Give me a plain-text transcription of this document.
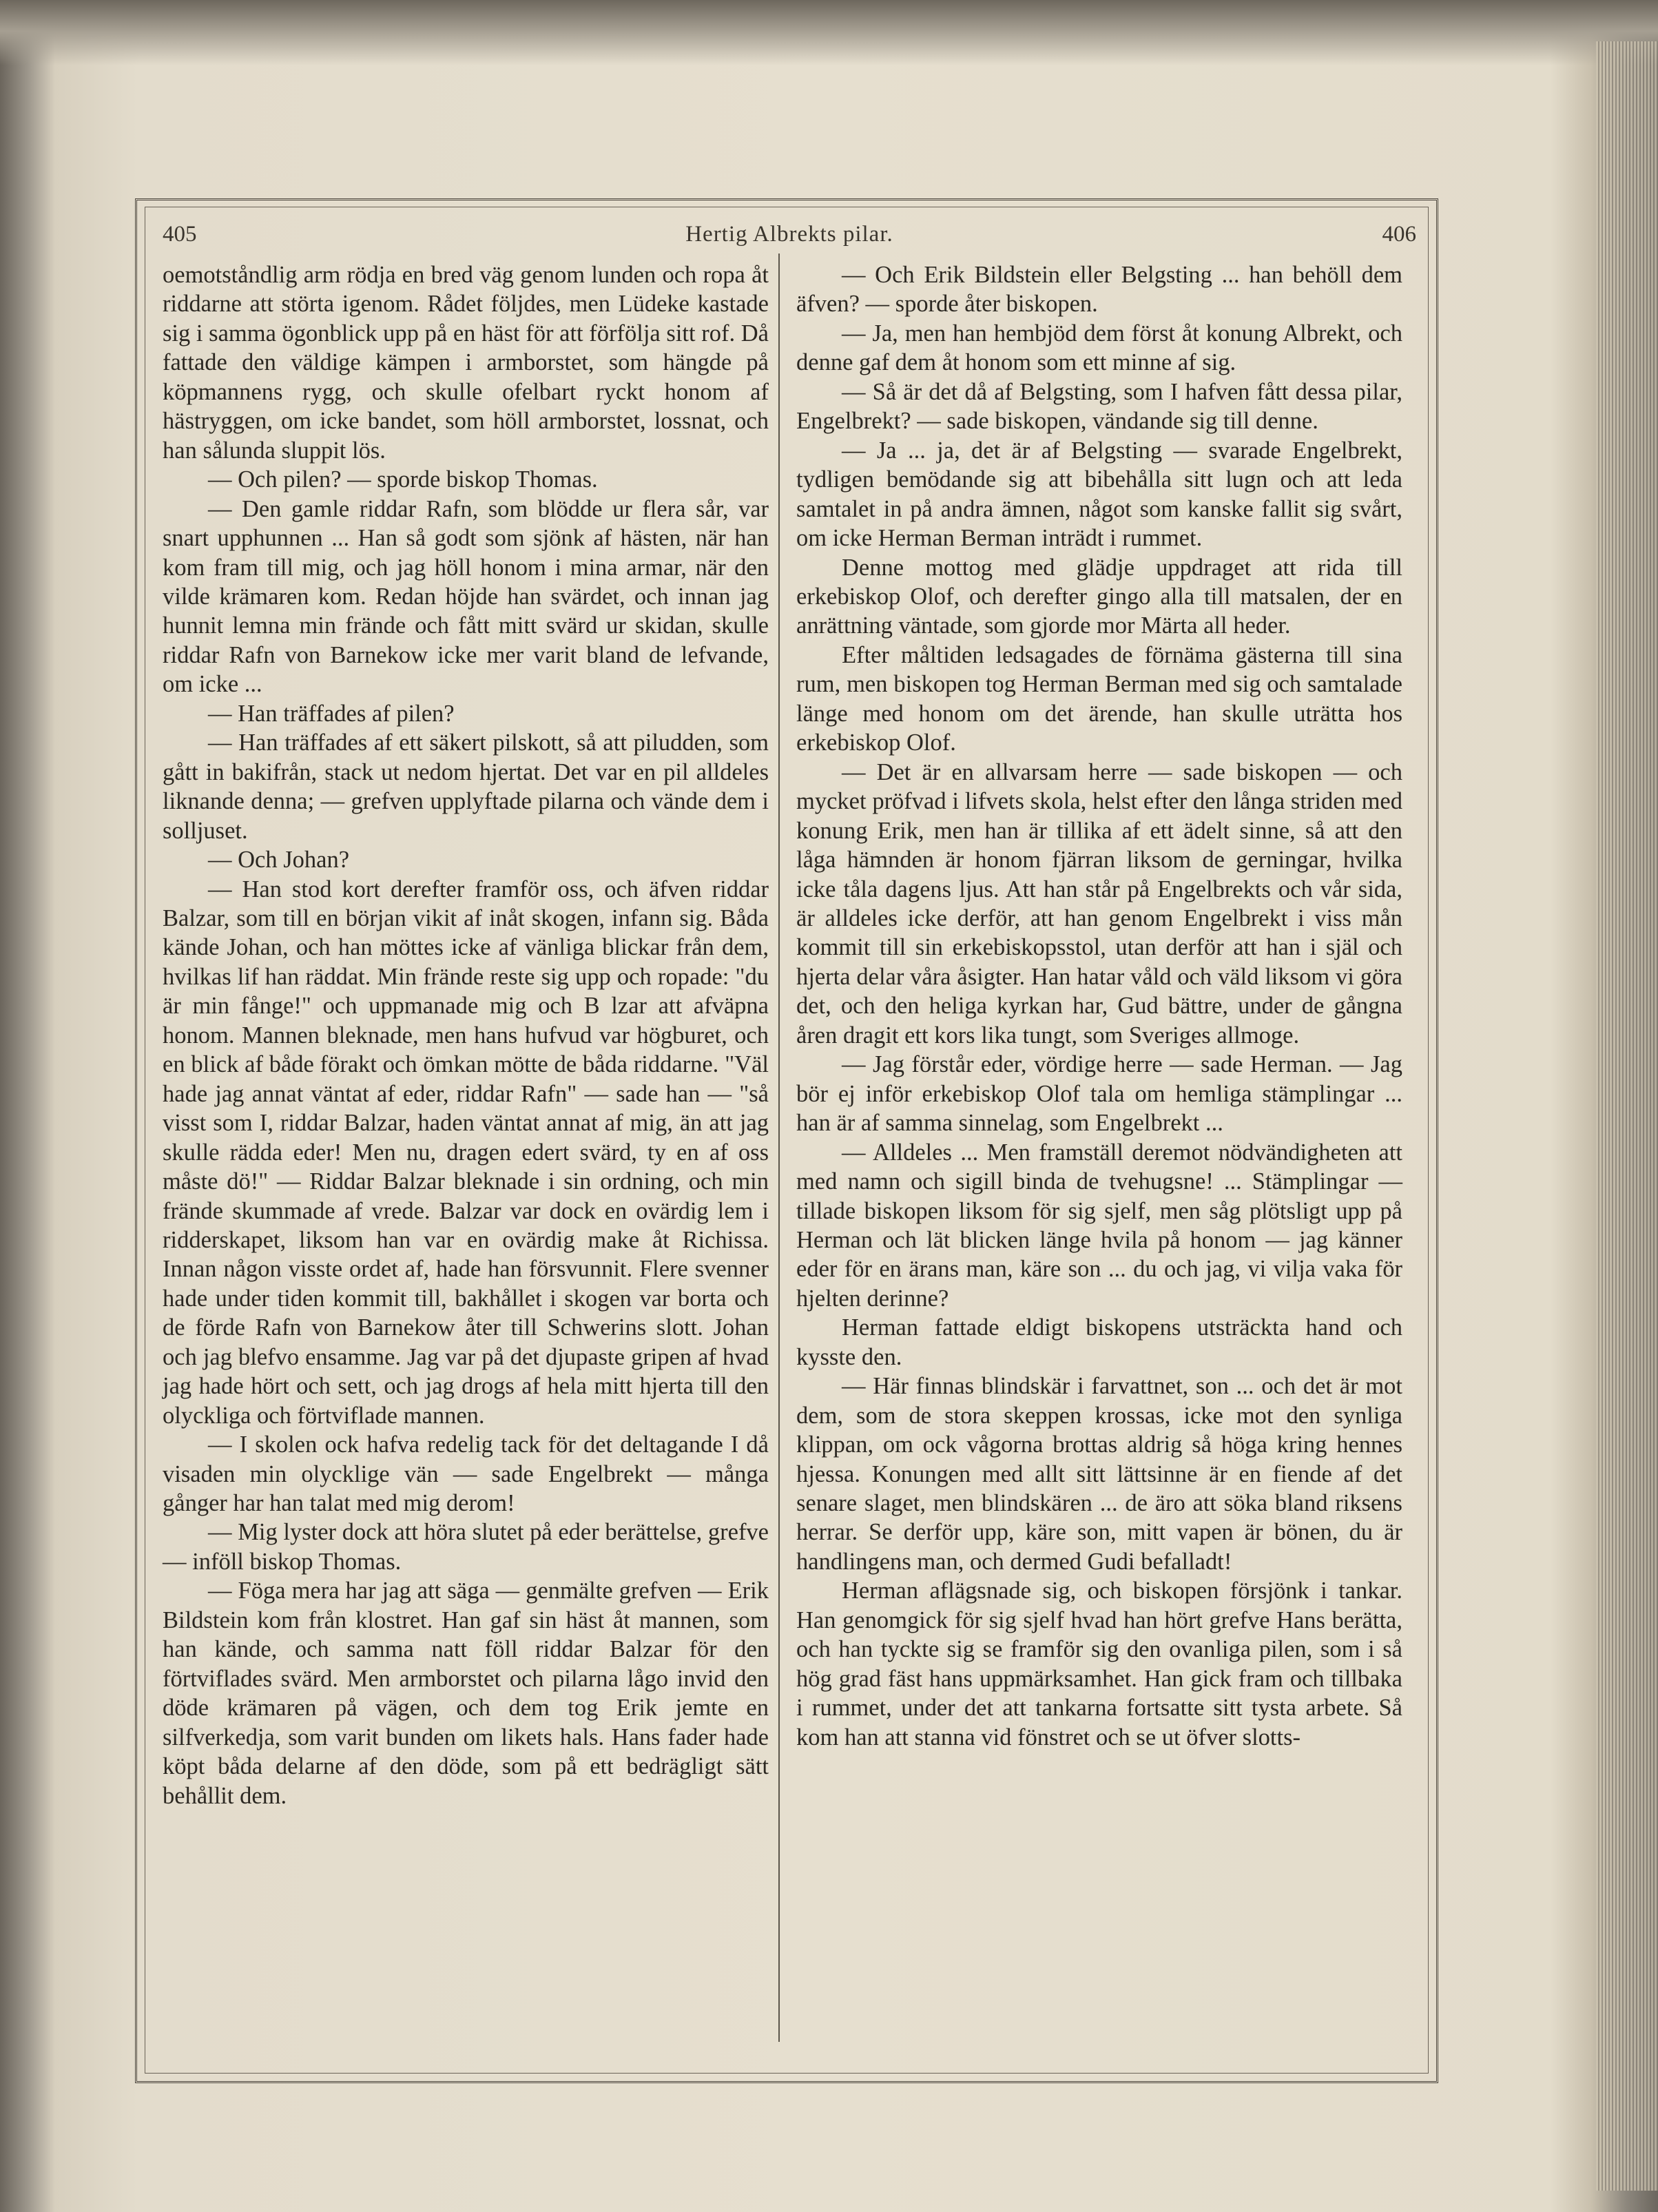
Hertig Albrekts pilar.
405	406

oemotståndlig arm rödja en bred väg genom lunden och ropa åt riddarne att störta igenom. Rådet följdes, men Lüdeke kastade sig i samma ögonblick upp på en häst för att förfölja sitt rof. Då fattade den väldige kämpen i armborstet, som hängde på köpmannens rygg, och skulle ofelbart ryckt honom af hästryggen, om icke bandet, som höll armborstet, lossnat, och han sålunda sluppit lös.

— Och pilen? — sporde biskop Thomas.

— Den gamle riddar Rafn, som blödde ur flera sår, var snart upphunnen ... Han så godt som sjönk af hästen, när han kom fram till mig, och jag höll honom i mina armar, när den vilde krämaren kom. Redan höjde han svärdet, och innan jag hunnit lemna min frände och fått mitt svärd ur skidan, skulle riddar Rafn von Barnekow icke mer varit bland de lefvande, om icke ...

— Han träffades af pilen?

— Han träffades af ett säkert pilskott, så att piludden, som gått in bakifrån, stack ut nedom hjertat. Det var en pil alldeles liknande denna; — grefven upplyftade pilarna och vände dem i solljuset.

— Och Johan?

— Han stod kort derefter framför oss, och äfven riddar Balzar, som till en början vikit af inåt skogen, infann sig. Båda kände Johan, och han möttes icke af vänliga blickar från dem, hvilkas lif han räddat. Min frände reste sig upp och ropade: "du är min fånge!" och uppmanade mig och B lzar att afväpna honom. Mannen bleknade, men hans hufvud var högburet, och en blick af både förakt och ömkan mötte de båda riddarne. "Väl hade jag annat väntat af eder, riddar Rafn" — sade han — "så visst som I, riddar Balzar, haden väntat annat af mig, än att jag skulle rädda eder! Men nu, dragen edert svärd, ty en af oss måste dö!" — Riddar Balzar bleknade i sin ordning, och min frände skummade af vrede. Balzar var dock en ovärdig lem i ridderskapet, liksom han var en ovärdig make åt Richissa. Innan någon visste ordet af, hade han försvunnit. Flere svenner hade under tiden kommit till, bakhållet i skogen var borta och de förde Rafn von Barnekow åter till Schwerins slott. Johan och jag blefvo ensamme. Jag var på det djupaste gripen af hvad jag hade hört och sett, och jag drogs af hela mitt hjerta till den olyckliga och förtviflade mannen.

— I skolen ock hafva redelig tack för det deltagande I då visaden min olycklige vän — sade Engelbrekt — många gånger har han talat med mig derom!

— Mig lyster dock att höra slutet på eder berättelse, grefve — inföll biskop Thomas.

— Föga mera har jag att säga — genmälte grefven — Erik Bildstein kom från klostret. Han gaf sin häst åt mannen, som han kände, och samma natt föll riddar Balzar för den förtviflades svärd. Men armborstet och pilarna lågo invid den döde krämaren på vägen, och dem tog Erik jemte en silfverkedja, som varit bunden om likets hals. Hans fader hade köpt båda delarne af den döde, som på ett bedrägligt sätt behållit dem.

— Och Erik Bildstein eller Belgsting ... han behöll dem äfven? — sporde åter biskopen.

— Ja, men han hembjöd dem först åt konung Albrekt, och denne gaf dem åt honom som ett minne af sig.

— Så är det då af Belgsting, som I hafven fått dessa pilar, Engelbrekt? — sade biskopen, vändande sig till denne.

— Ja ... ja, det är af Belgsting — svarade Engelbrekt, tydligen bemödande sig att bibehålla sitt lugn och att leda samtalet in på andra ämnen, något som kanske fallit sig svårt, om icke Herman Berman inträdt i rummet.

Denne mottog med glädje uppdraget att rida till erkebiskop Olof, och derefter gingo alla till matsalen, der en anrättning väntade, som gjorde mor Märta all heder.

Efter måltiden ledsagades de förnäma gästerna till sina rum, men biskopen tog Herman Berman med sig och samtalade länge med honom om det ärende, han skulle uträtta hos erkebiskop Olof.

— Det är en allvarsam herre — sade biskopen — och mycket pröfvad i lifvets skola, helst efter den långa striden med konung Erik, men han är tillika af ett ädelt sinne, så att den låga hämnden är honom fjärran liksom de gerningar, hvilka icke tåla dagens ljus. Att han står på Engelbrekts och vår sida, är alldeles icke derför, att han genom Engelbrekt i viss mån kommit till sin erkebiskopsstol, utan derför att han i själ och hjerta delar våra åsigter. Han hatar våld och väld liksom vi göra det, och den heliga kyrkan har, Gud bättre, under de gångna åren dragit ett kors lika tungt, som Sveriges allmoge.

— Jag förstår eder, vördige herre — sade Herman. — Jag bör ej inför erkebiskop Olof tala om hemliga stämplingar ... han är af samma sinnelag, som Engelbrekt ...

— Alldeles ... Men framställ deremot nödvändigheten att med namn och sigill binda de tvehugsne! ... Stämplingar — tillade biskopen liksom för sig sjelf, men såg plötsligt upp på Herman och lät blicken länge hvila på honom — jag känner eder för en ärans man, käre son ... du och jag, vi vilja vaka för hjelten derinne?

Herman fattade eldigt biskopens utsträckta hand och kysste den.

— Här finnas blindskär i farvattnet, son ... och det är mot dem, som de stora skeppen krossas, icke mot den synliga klippan, om ock vågorna brottas aldrig så höga kring hennes hjessa. Konungen med allt sitt lättsinne är en fiende af det senare slaget, men blindskären ... de äro att söka bland riksens herrar. Se derför upp, käre son, mitt vapen är bönen, du är handlingens man, och dermed Gudi befalladt!

Herman aflägsnade sig, och biskopen försjönk i tankar. Han genomgick för sig sjelf hvad han hört grefve Hans berätta, och han tyckte sig se framför sig den ovanliga pilen, som i så hög grad fäst hans uppmärksamhet. Han gick fram och tillbaka i rummet, under det att tankarna fortsatte sitt tysta arbete. Så kom han att stanna vid fönstret och se ut öfver slotts-
